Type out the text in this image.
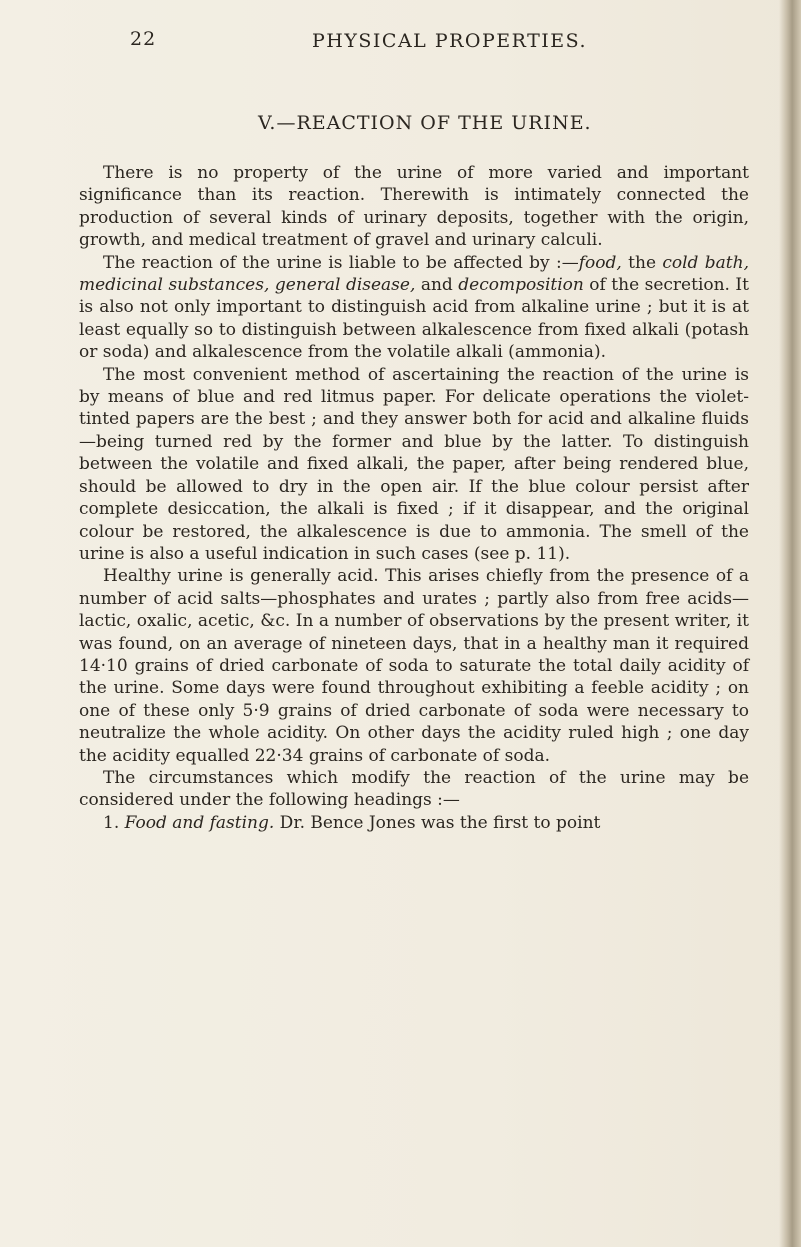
22	PHYSICAL PROPERTIES.
V.—REACTION OF THE URINE.

There is no property of the urine of more varied and important significance than its reaction. Therewith is intimately connected the production of several kinds of urinary deposits, together with the origin, growth, and medical treatment of gravel and urinary calculi.

The reaction of the urine is liable to be affected by :—food, the cold bath, medicinal substances, general disease, and decomposition of the secretion. It is also not only important to distinguish acid from alkaline urine ; but it is at least equally so to distinguish between alkalescence from fixed alkali (potash or soda) and alkalescence from the volatile alkali (ammonia).

The most convenient method of ascertaining the reaction of the urine is by means of blue and red litmus paper. For delicate operations the violet-tinted papers are the best ; and they answer both for acid and alkaline fluids—being turned red by the former and blue by the latter. To distinguish between the volatile and fixed alkali, the paper, after being rendered blue, should be allowed to dry in the open air. If the blue colour persist after complete desiccation, the alkali is fixed ; if it disappear, and the original colour be restored, the alkalescence is due to ammonia. The smell of the urine is also a useful indication in such cases (see p. 11).

Healthy urine is generally acid. This arises chiefly from the presence of a number of acid salts—phosphates and urates ; partly also from free acids—lactic, oxalic, acetic, &c. In a number of observations by the present writer, it was found, on an average of nineteen days, that in a healthy man it required 14·10 grains of dried carbonate of soda to saturate the total daily acidity of the urine. Some days were found throughout exhibiting a feeble acidity ; on one of these only 5·9 grains of dried carbonate of soda were necessary to neutralize the whole acidity. On other days the acidity ruled high ; one day the acidity equalled 22·34 grains of carbonate of soda.

The circumstances which modify the reaction of the urine may be considered under the following headings :—

1. Food and fasting. Dr. Bence Jones was the first to point
